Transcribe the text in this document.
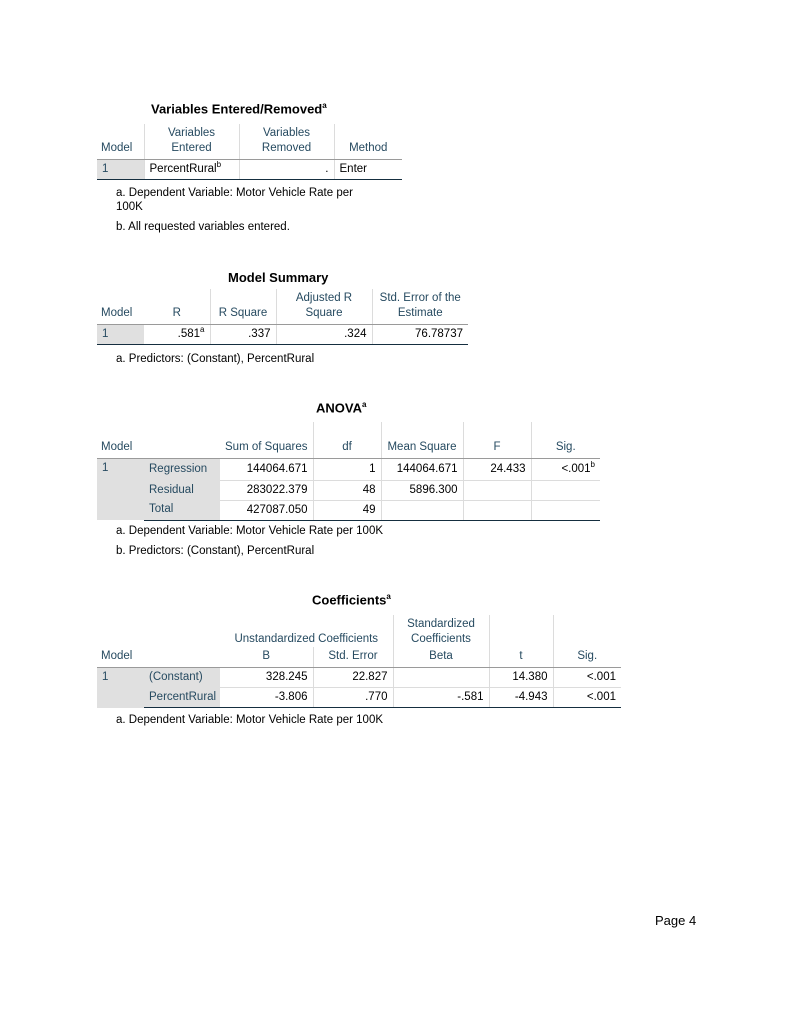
Variables Entered/Removed$^a$
Model	Variables Entered	Variables Removed	Method
1	PercentRural$^b$	.	Enter
a. Dependent Variable: Motor Vehicle Rate per 100K
b. All requested variables entered.
Model Summary
Model	R	R Square	Adjusted R Square	Std. Error of the Estimate
1	.581$^a$	.337	.324	76.78737
a. Predictors: (Constant), PercentRural
ANOVA$^a$
Model		Sum of Squares	df	Mean Square	F	Sig.
1	Regression	144064.671	1	144064.671	24.433	<.001$^b$
	Residual	283022.379	48	5896.300		
	Total	427087.050	49			
a. Dependent Variable: Motor Vehicle Rate per 100K
b. Predictors: (Constant), PercentRural
Coefficients$^a$
		Unstandardized Coefficients		Standardized Coefficients		
Model		B	Std. Error	Beta	t	Sig.
1	(Constant)	328.245	22.827		14.380	<.001
	PercentRural	-3.806	.770	-.581	-4.943	<.001
a. Dependent Variable: Motor Vehicle Rate per 100K
Page 4
